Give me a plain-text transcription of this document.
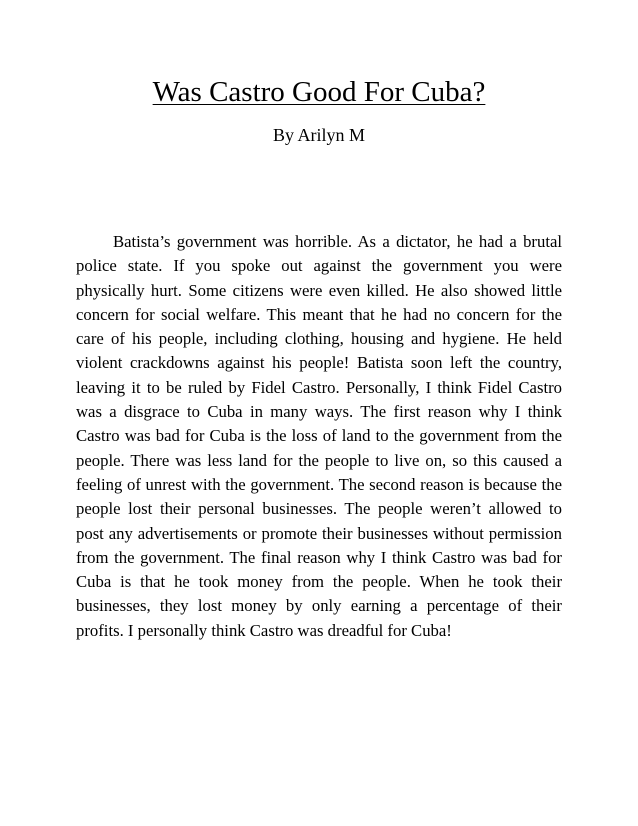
Was Castro Good For Cuba?

By Arilyn M

Batista’s government was horrible. As a dictator, he had a brutal police state. If you spoke out against the government you were physically hurt. Some citizens were even killed. He also showed little concern for social welfare. This meant that he had no concern for the care of his people, including clothing, housing and hygiene. He held violent crackdowns against his people! Batista soon left the country, leaving it to be ruled by Fidel Castro. Personally, I think Fidel Castro was a disgrace to Cuba in many ways. The first reason why I think Castro was bad for Cuba is the loss of land to the government from the people. There was less land for the people to live on, so this caused a feeling of unrest with the government. The second reason is because the people lost their personal businesses. The people weren’t allowed to post any advertisements or promote their businesses without permission from the government. The final reason why I think Castro was bad for Cuba is that he took money from the people. When he took their businesses, they lost money by only earning a percentage of their profits. I personally think Castro was dreadful for Cuba!
